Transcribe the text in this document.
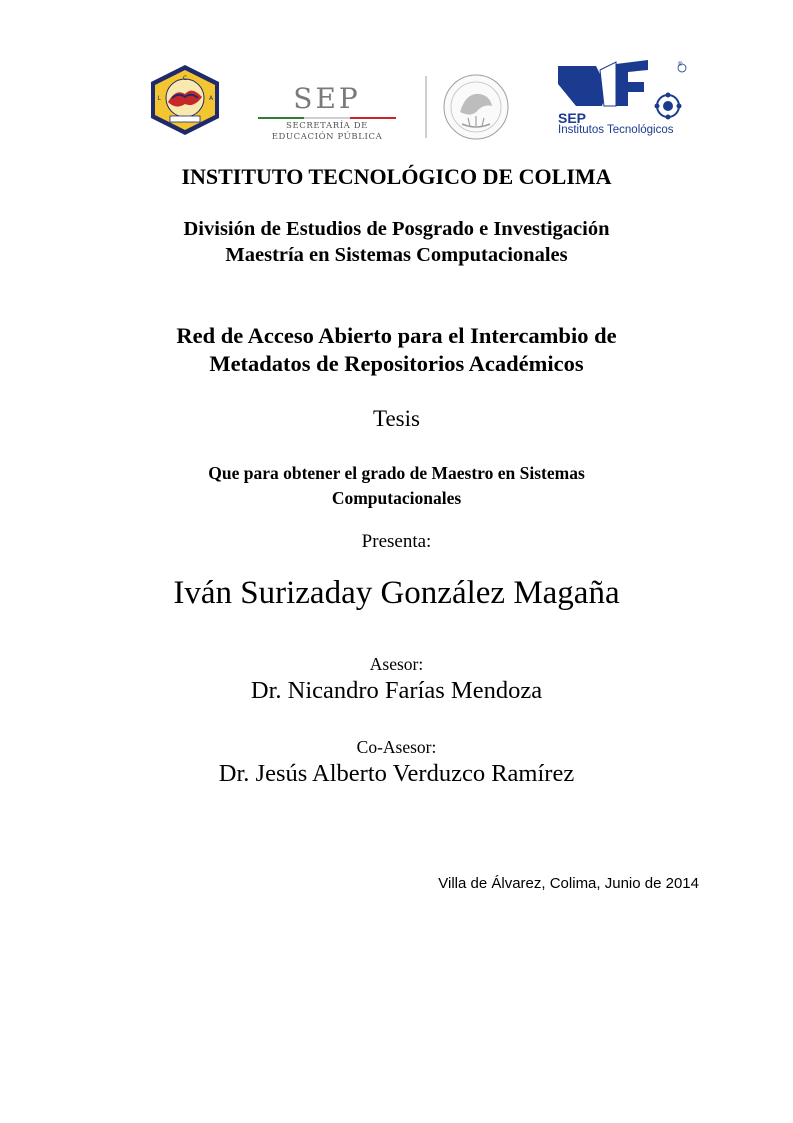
C
L	A	SEP
SECRETARÍA DE
EDUCACIÓN PÚBLICA
SEP
Institutos Tecnológicos
®
INSTITUTO TECNOLÓGICO DE COLIMA
División de Estudios de Posgrado e Investigación
Maestría en Sistemas Computacionales
Red de Acceso Abierto para el Intercambio de
Metadatos de Repositorios Académicos
Tesis
Que para obtener el grado de Maestro en Sistemas
Computacionales
Presenta:
Iván Surizaday González Magaña
Asesor:
Dr. Nicandro Farías Mendoza
Co-Asesor:
Dr. Jesús Alberto Verduzco Ramírez
Villa de Álvarez, Colima, Junio de 2014
